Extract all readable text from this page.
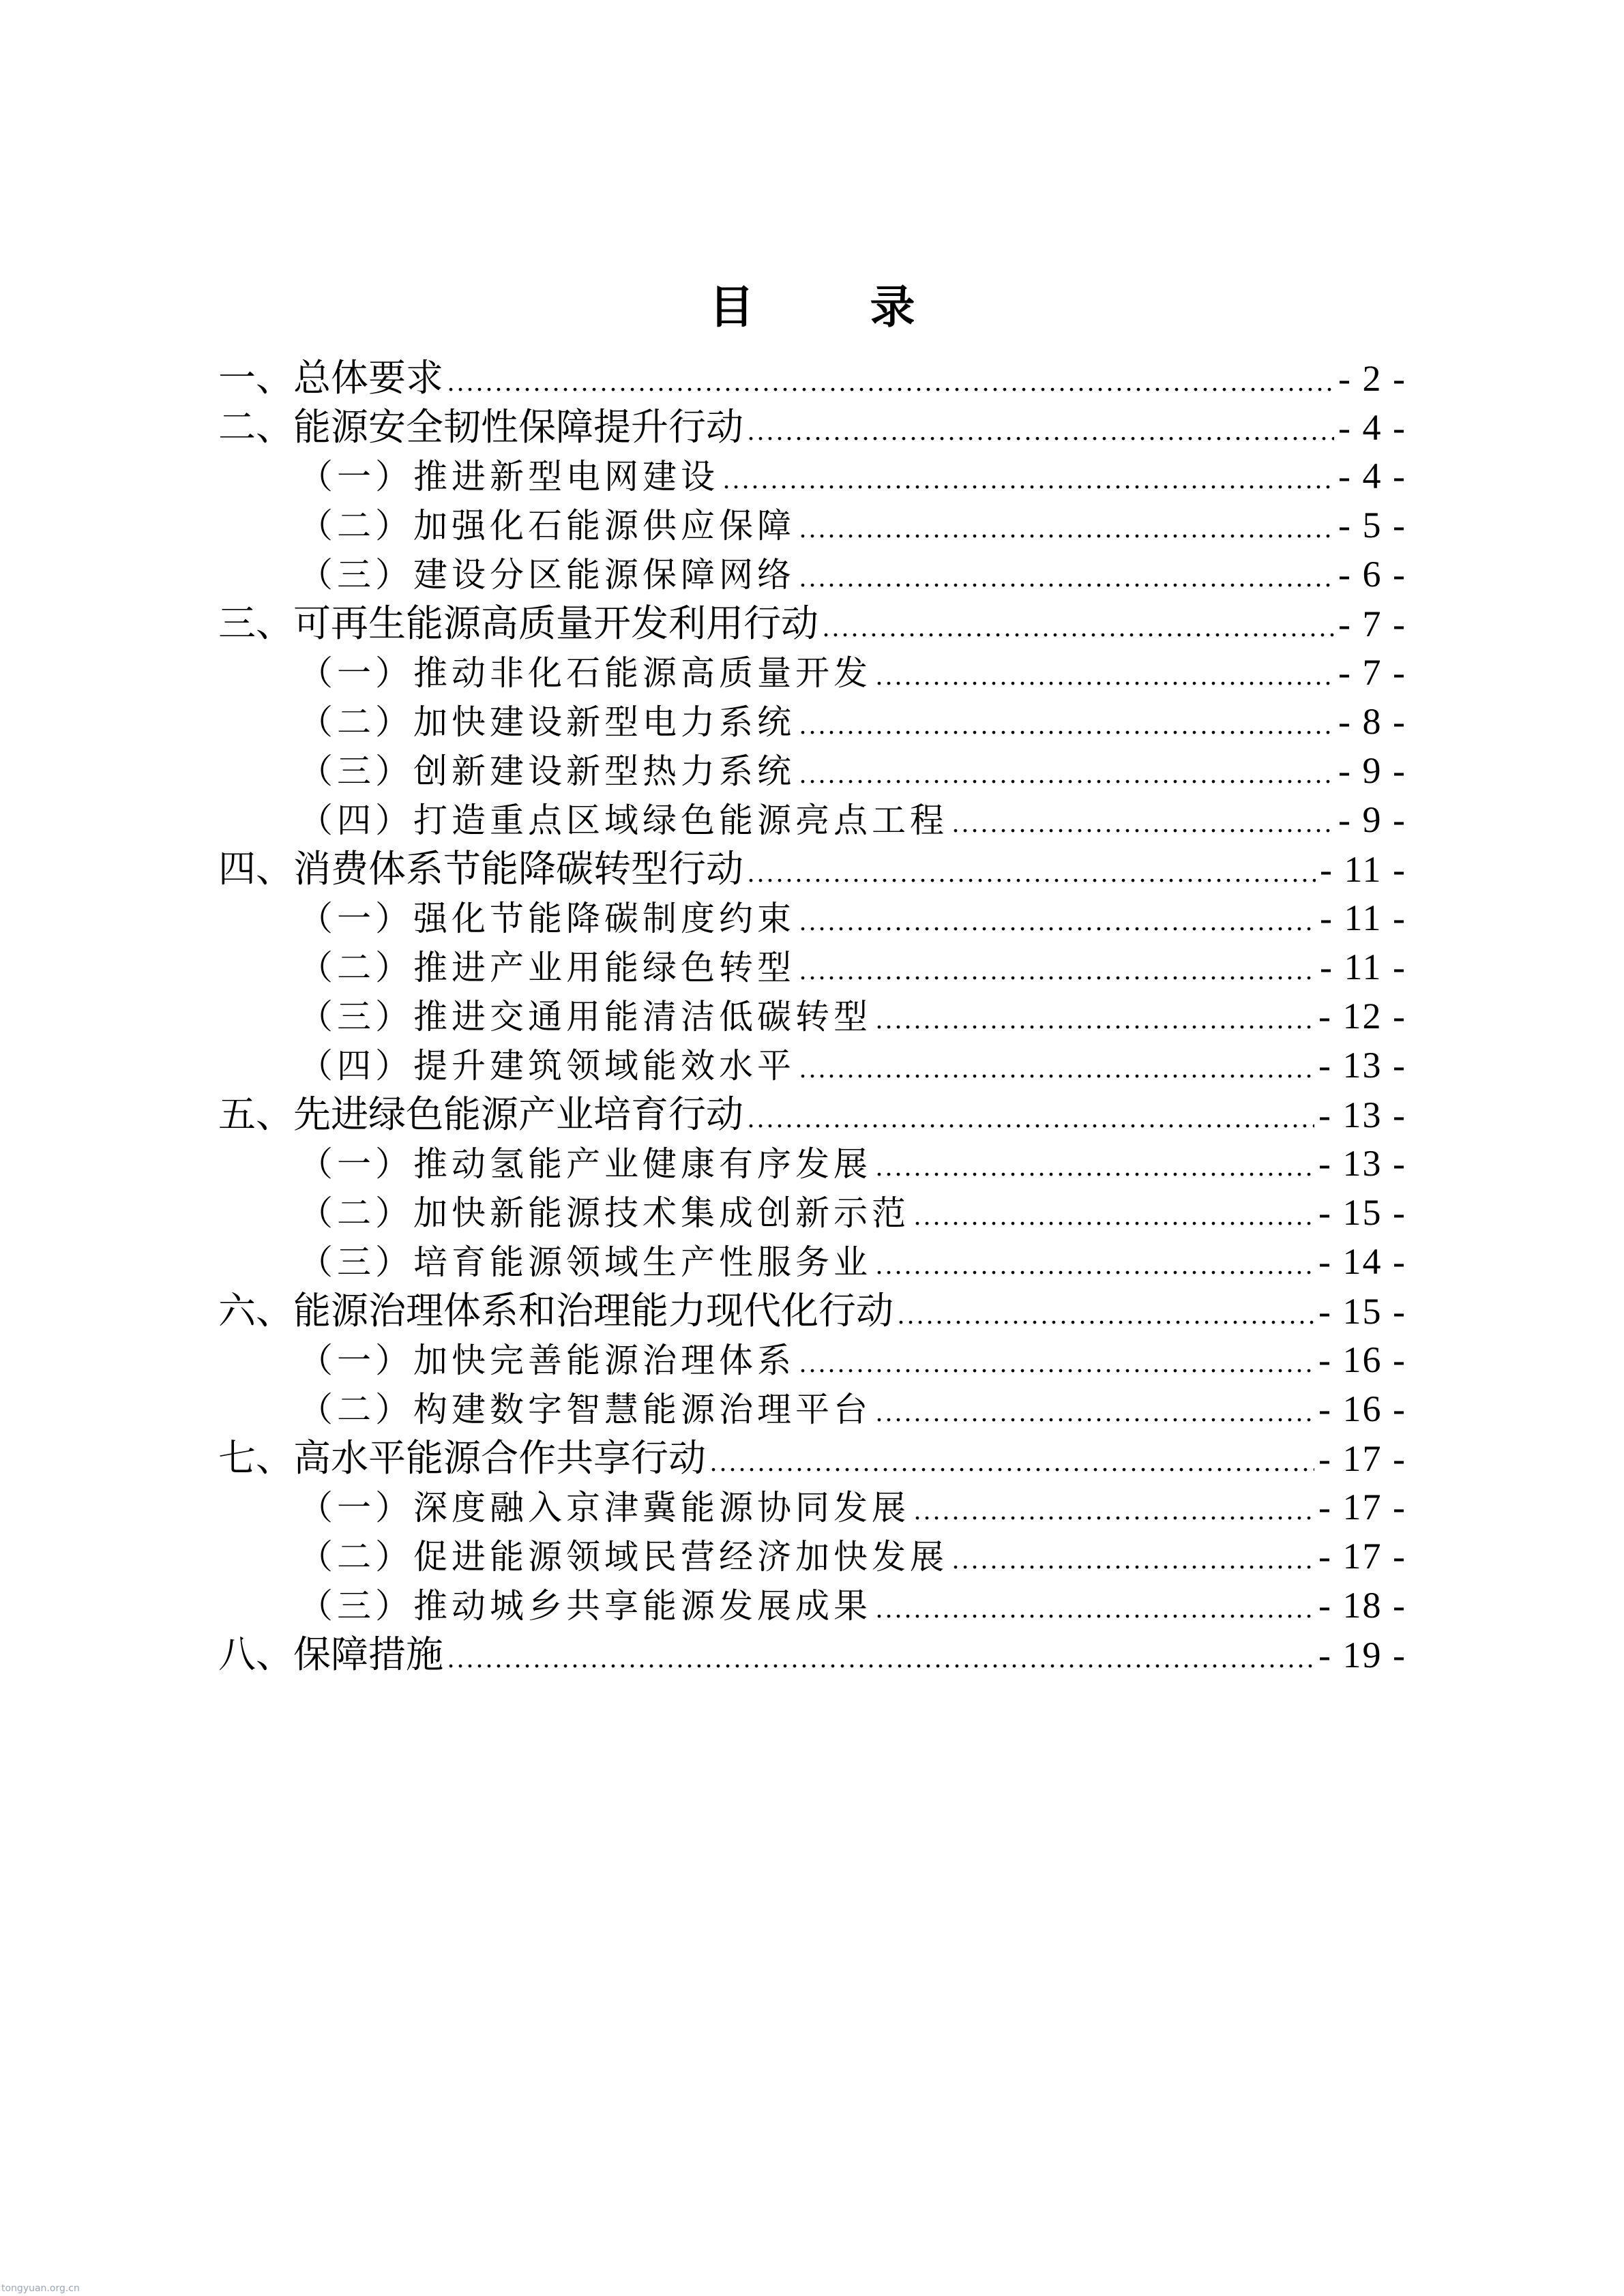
目　录
一、总体要求 .....	- 2 -
二、能源安全韧性保障提升行动 .....	- 4 -
（一）推进新型电网建设 .....	- 4 -
（二）加强化石能源供应保障 .....	- 5 -
（三）建设分区能源保障网络 .....	- 6 -
三、可再生能源高质量开发利用行动 .....	- 7 -
（一）推动非化石能源高质量开发 .....	- 7 -
（二）加快建设新型电力系统 .....	- 8 -
（三）创新建设新型热力系统 .....	- 9 -
（四）打造重点区域绿色能源亮点工程 .....	- 9 -
四、消费体系节能降碳转型行动 .....	- 11 -
（一）强化节能降碳制度约束 .....	- 11 -
（二）推进产业用能绿色转型 .....	- 11 -
（三）推进交通用能清洁低碳转型 .....	- 12 -
（四）提升建筑领域能效水平 .....	- 13 -
五、先进绿色能源产业培育行动 .....	- 13 -
（一）推动氢能产业健康有序发展 .....	- 13 -
（二）加快新能源技术集成创新示范 .....	- 15 -
（三）培育能源领域生产性服务业 .....	- 14 -
六、能源治理体系和治理能力现代化行动 .....	- 15 -
（一）加快完善能源治理体系 .....	- 16 -
（二）构建数字智慧能源治理平台 .....	- 16 -
七、高水平能源合作共享行动 .....	- 17 -
（一）深度融入京津冀能源协同发展 .....	- 17 -
（二）促进能源领域民营经济加快发展 .....	- 17 -
（三）推动城乡共享能源发展成果 .....	- 18 -
八、保障措施 .....	- 19 -
tongyuan.org.cn
